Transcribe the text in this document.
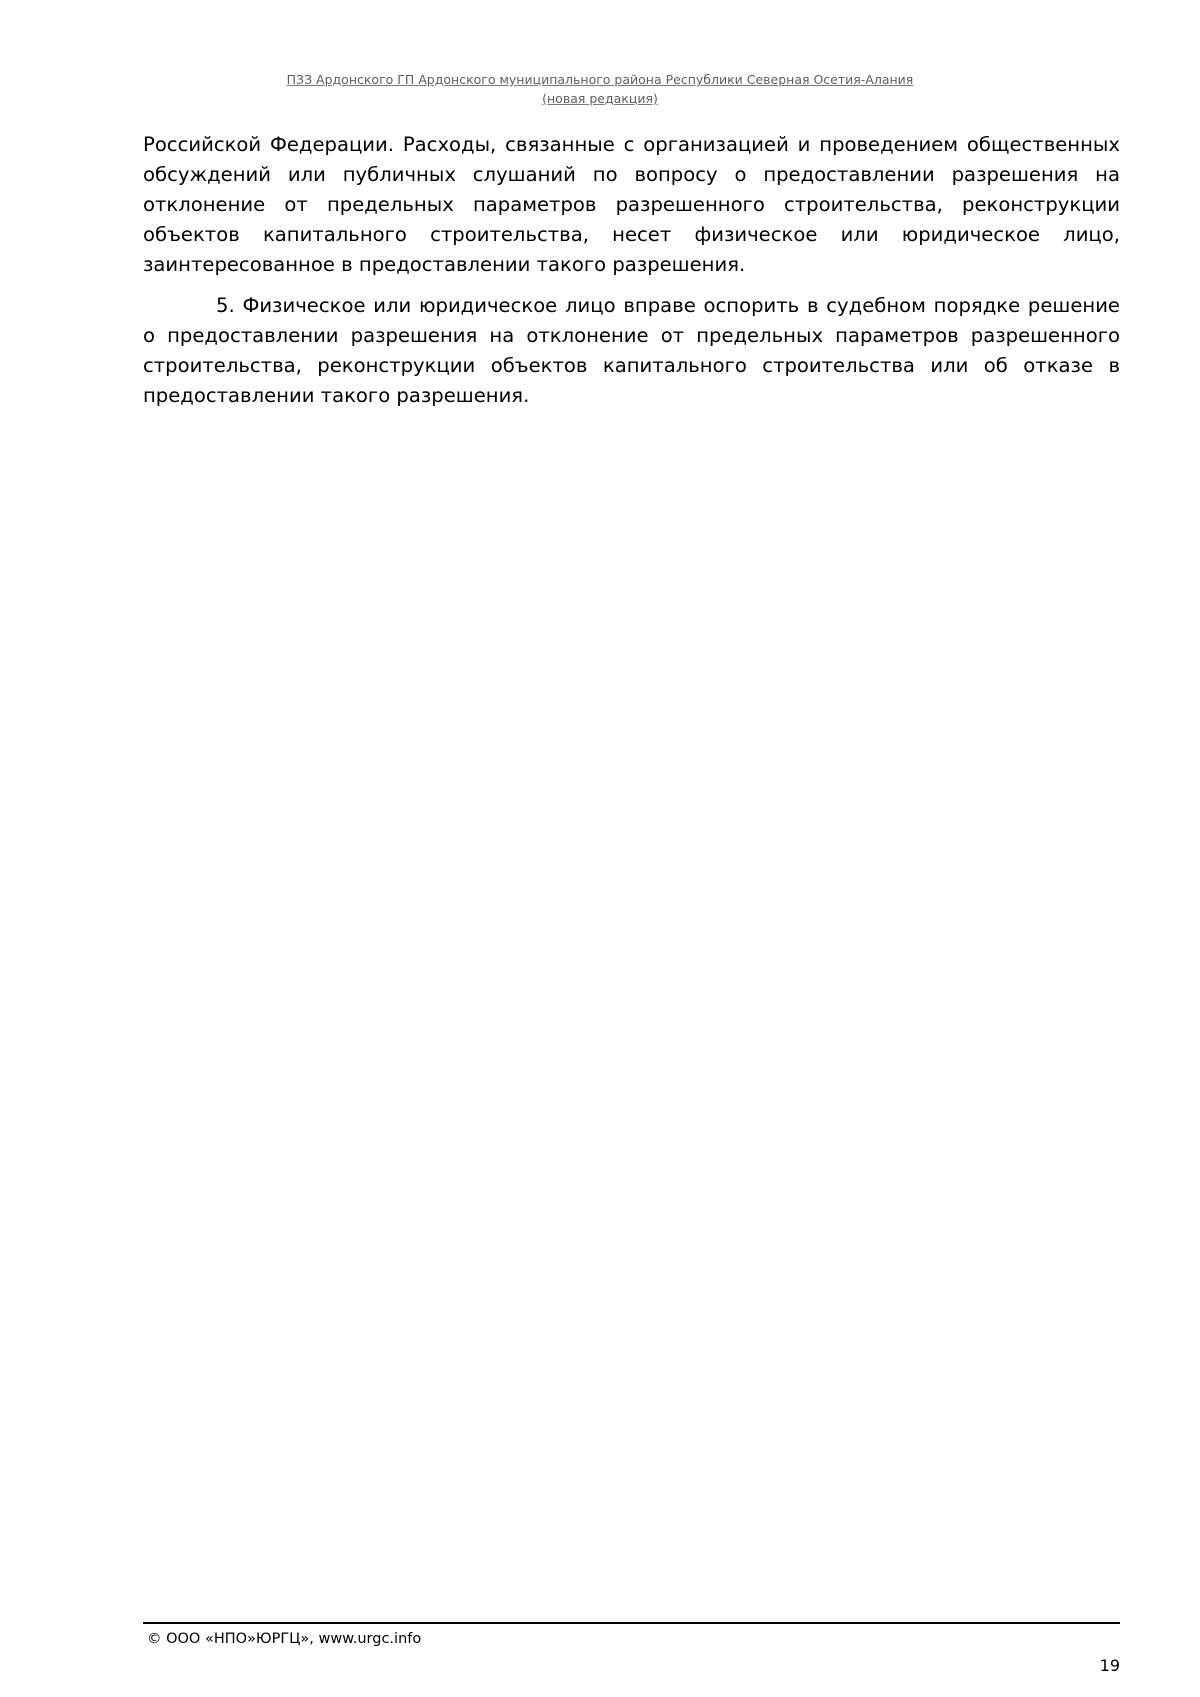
ПЗЗ Ардонского ГП Ардонского муниципального района Республики Северная Осетия-Алания
(новая редакция)

Российской Федерации. Расходы, связанные с организацией и проведением общественных обсуждений или публичных слушаний по вопросу о предоставлении разрешения на отклонение от предельных параметров разрешенного строительства, реконструкции объектов капитального строительства, несет физическое или юридическое лицо, заинтересованное в предоставлении такого разрешения.

5. Физическое или юридическое лицо вправе оспорить в судебном порядке решение о предоставлении разрешения на отклонение от предельных параметров разрешенного строительства, реконструкции объектов капитального строительства или об отказе в предоставлении такого разрешения.

© ООО «НПО»ЮРГЦ», www.urgc.info
19
